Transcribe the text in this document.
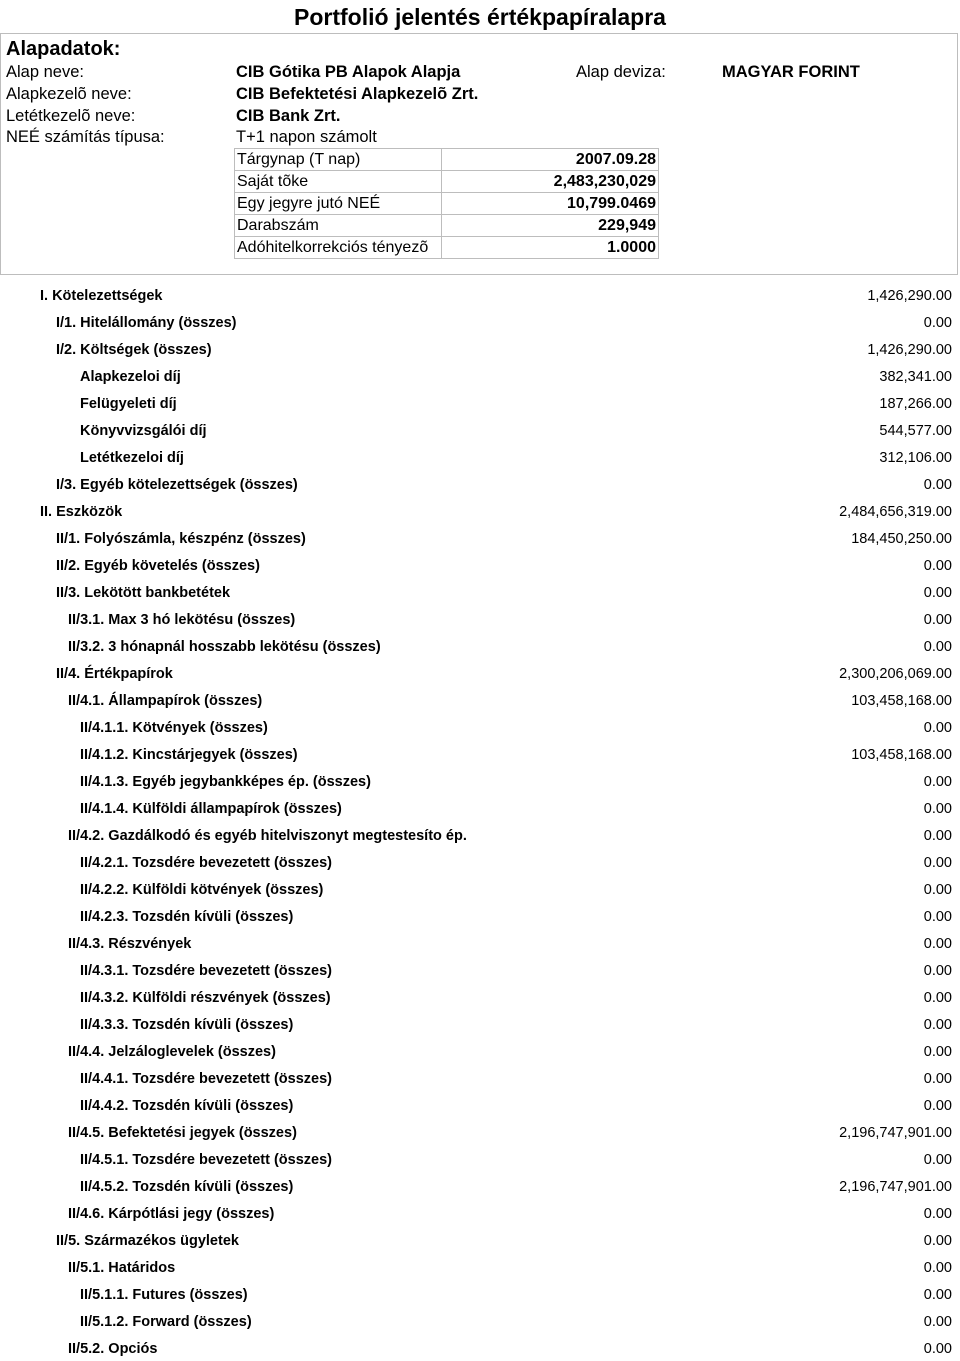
Portfolió jelentés értékpapíralapra
Alapadatok:
Alap neve:	CIB Gótika PB Alapok Alapja	Alap deviza:	MAGYAR FORINT
Alapkezelõ neve:	CIB Befektetési Alapkezelõ Zrt.
Letétkezelõ neve:	CIB Bank Zrt.
NEÉ számítás típusa:	T+1 napon számolt
Tárgynap (T nap)	2007.09.28
Saját tõke	2,483,230,029
Egy jegyre jutó NEÉ	10,799.0469
Darabszám	229,949
Adóhitelkorrekciós tényezõ	1.0000
I. Kötelezettségek	1,426,290.00
I/1. Hitelállomány (összes)	0.00
I/2. Költségek (összes)	1,426,290.00
Alapkezeloi díj	382,341.00
Felügyeleti díj	187,266.00
Könyvvizsgálói díj	544,577.00
Letétkezeloi díj	312,106.00
I/3. Egyéb kötelezettségek (összes)	0.00
II. Eszközök	2,484,656,319.00
II/1. Folyószámla, készpénz (összes)	184,450,250.00
II/2. Egyéb követelés (összes)	0.00
II/3. Lekötött bankbetétek	0.00
II/3.1. Max 3 hó lekötésu (összes)	0.00
II/3.2. 3 hónapnál hosszabb lekötésu (összes)	0.00
II/4. Értékpapírok	2,300,206,069.00
II/4.1. Állampapírok (összes)	103,458,168.00
II/4.1.1. Kötvények (összes)	0.00
II/4.1.2. Kincstárjegyek (összes)	103,458,168.00
II/4.1.3. Egyéb jegybankképes ép. (összes)	0.00
II/4.1.4. Külföldi állampapírok (összes)	0.00
II/4.2. Gazdálkodó és egyéb hitelviszonyt megtestesíto ép.	0.00
II/4.2.1. Tozsdére bevezetett (összes)	0.00
II/4.2.2. Külföldi kötvények (összes)	0.00
II/4.2.3. Tozsdén kívüli (összes)	0.00
II/4.3. Részvények	0.00
II/4.3.1. Tozsdére bevezetett (összes)	0.00
II/4.3.2. Külföldi részvények (összes)	0.00
II/4.3.3. Tozsdén kívüli (összes)	0.00
II/4.4. Jelzáloglevelek (összes)	0.00
II/4.4.1. Tozsdére bevezetett (összes)	0.00
II/4.4.2. Tozsdén kívüli (összes)	0.00
II/4.5. Befektetési jegyek (összes)	2,196,747,901.00
II/4.5.1. Tozsdére bevezetett (összes)	0.00
II/4.5.2. Tozsdén kívüli (összes)	2,196,747,901.00
II/4.6. Kárpótlási jegy (összes)	0.00
II/5. Származékos ügyletek	0.00
II/5.1. Határidos	0.00
II/5.1.1. Futures (összes)	0.00
II/5.1.2. Forward (összes)	0.00
II/5.2. Opciós	0.00
